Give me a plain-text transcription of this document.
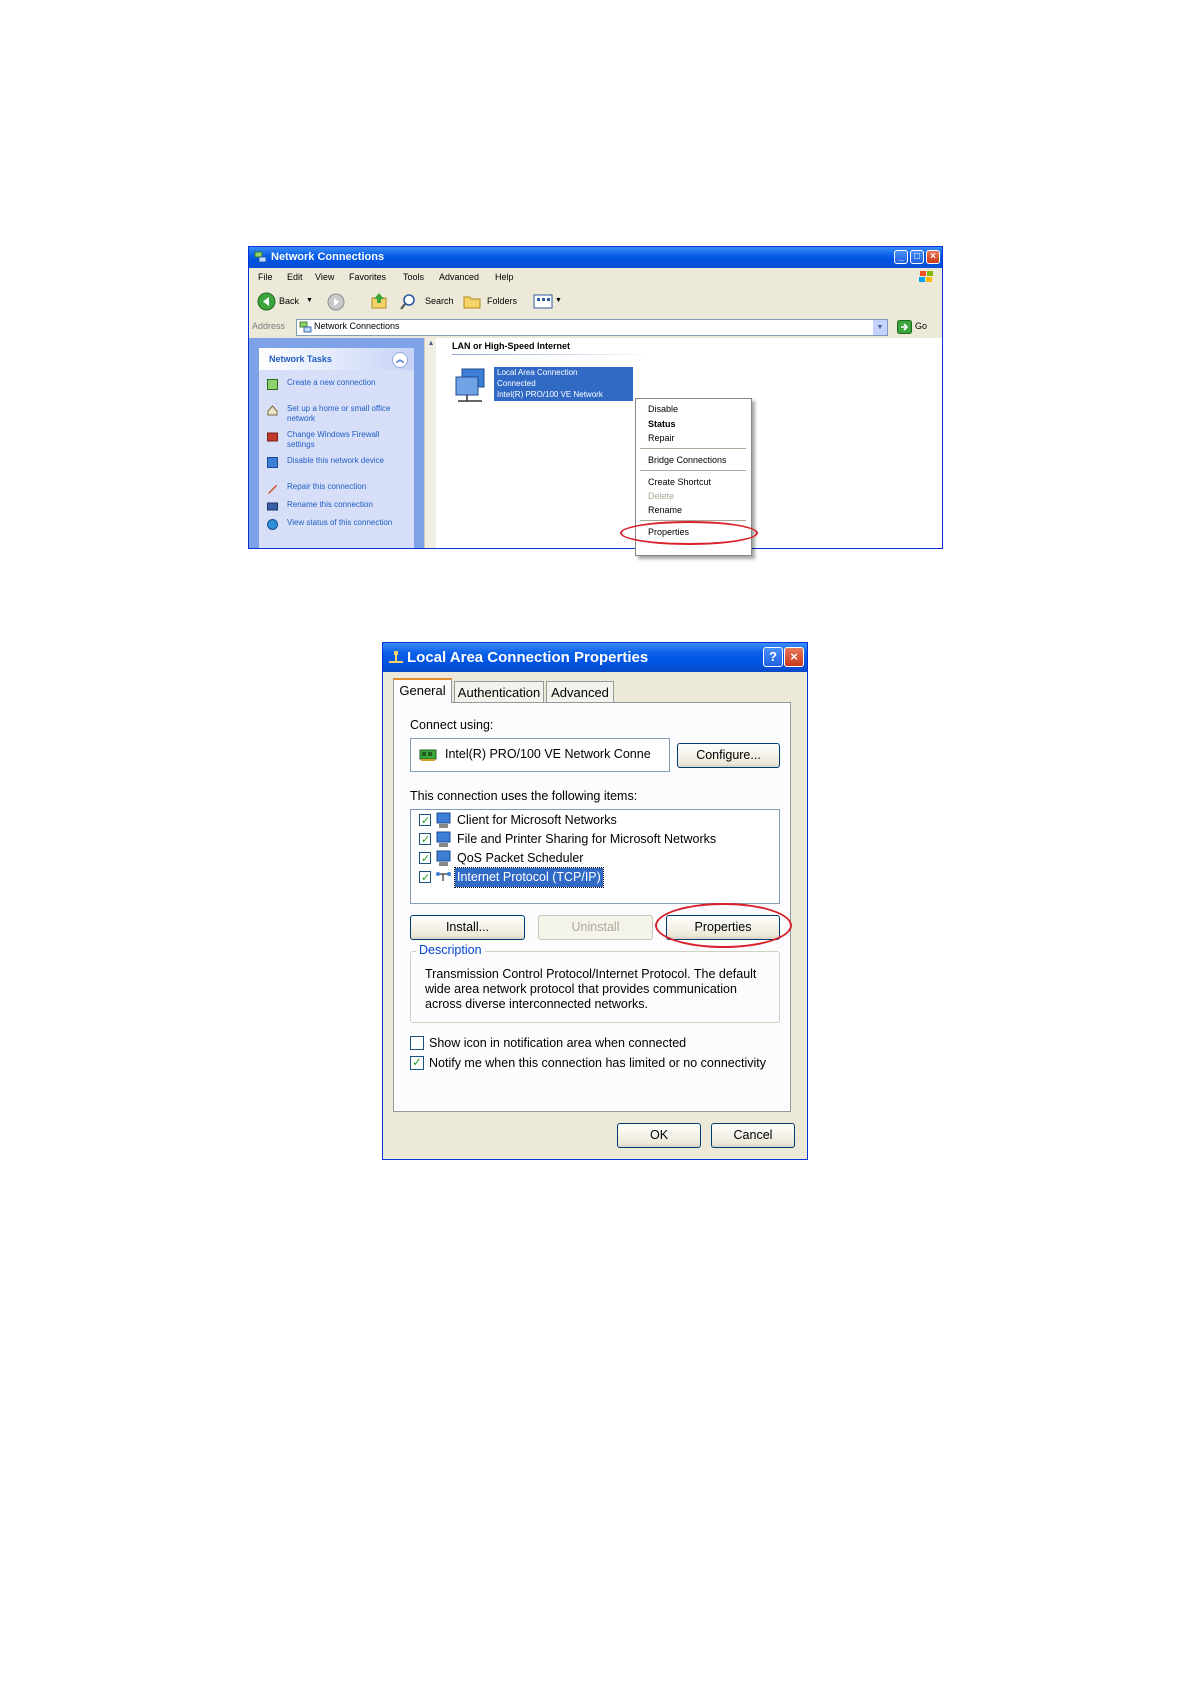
Network Connections	_	□	×
File Edit View Favorites Tools Advanced Help
Back ▼	Search	Folders	▼
Address	Network Connections	▼	Go
Network Tasks	︽
Create a new connection
Set up a home or small office network
Change Windows Firewall settings
Disable this network device
Repair this connection
Rename this connection
View status of this connection
▲ LAN or High-Speed Internet
Local Area Connection
Connected
Intel(R) PRO/100 VE Network
Disable
Status
Repair
Bridge Connections
Create Shortcut
Delete
Rename
Properties
Local Area Connection Properties	?	×
General Authentication Advanced
Connect using:
Intel(R) PRO/100 VE Network Conne	Configure...
This connection uses the following items:
✓ Client for Microsoft Networks
✓ File and Printer Sharing for Microsoft Networks
✓ QoS Packet Scheduler
✓ Internet Protocol (TCP/IP)
Install...	Uninstall	Properties
Description
Transmission Control Protocol/Internet Protocol. The default wide area network protocol that provides communication across diverse interconnected networks.
Show icon in notification area when connected
✓ Notify me when this connection has limited or no connectivity
OK	Cancel
